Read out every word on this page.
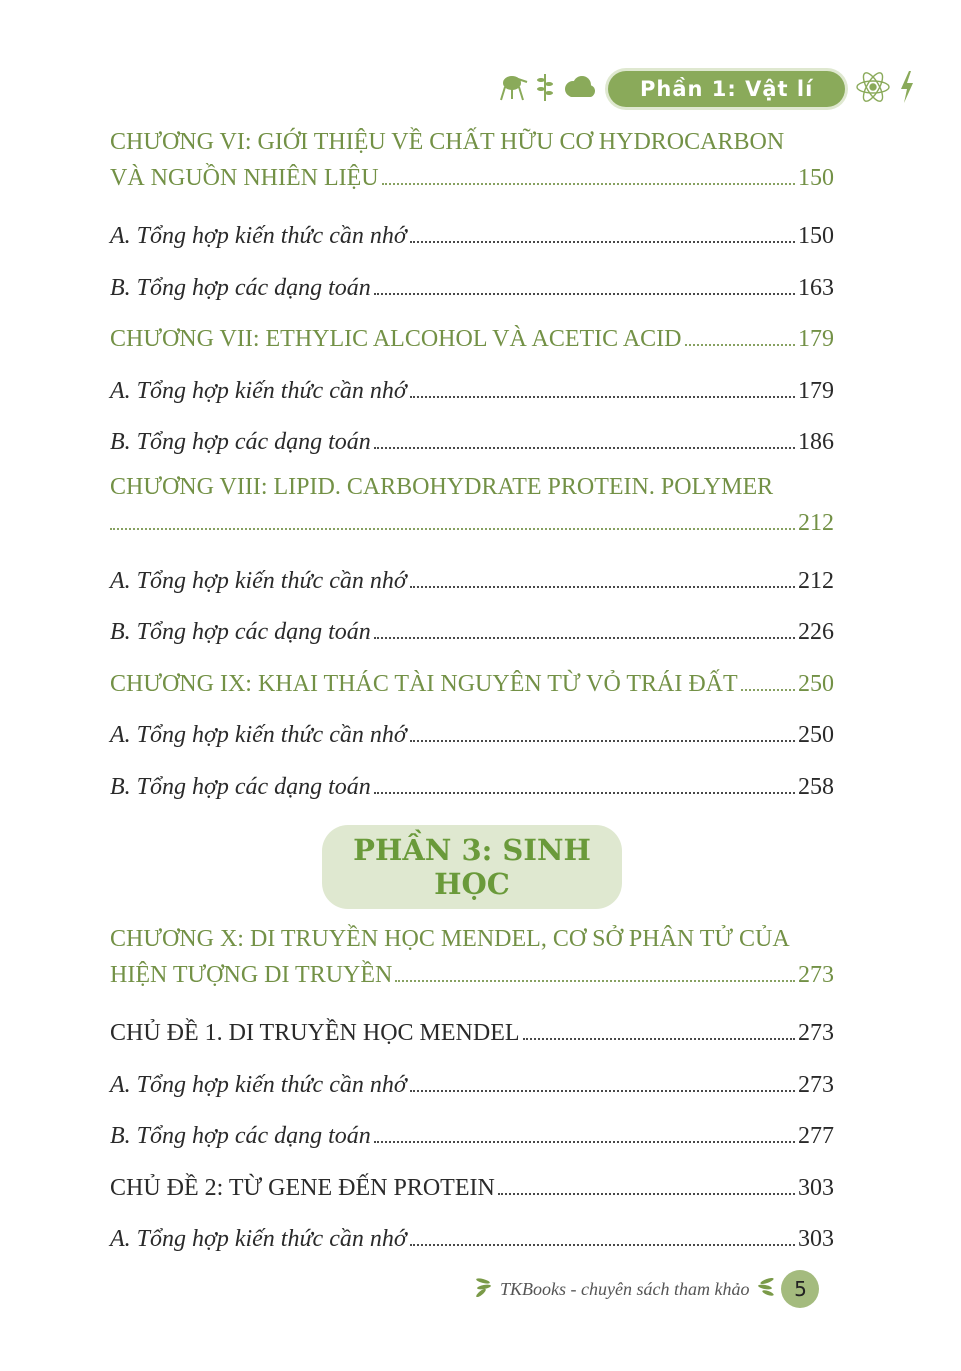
Phần 1: Vật lí
CHƯƠNG VI: GIỚI THIỆU VỀ CHẤT HỮU CƠ HYDROCARBON
VÀ NGUỒN NHIÊN LIỆU	150
A. Tổng hợp kiến thức cần nhớ	150
B. Tổng hợp các dạng toán	163
CHƯƠNG VII: ETHYLIC ALCOHOL VÀ ACETIC ACID	179
A. Tổng hợp kiến thức cần nhớ	179
B. Tổng hợp các dạng toán	186
CHƯƠNG VIII: LIPID. CARBOHYDRATE PROTEIN. POLYMER
212
A. Tổng hợp kiến thức cần nhớ	212
B. Tổng hợp các dạng toán	226
CHƯƠNG IX: KHAI THÁC TÀI NGUYÊN TỪ VỎ TRÁI ĐẤT	250
A. Tổng hợp kiến thức cần nhớ	250
B. Tổng hợp các dạng toán	258
PHẦN 3: SINH HỌC
CHƯƠNG X: DI TRUYỀN HỌC MENDEL, CƠ SỞ PHÂN TỬ CỦA
HIỆN TƯỢNG DI TRUYỀN	273
CHỦ ĐỀ 1. DI TRUYỀN HỌC MENDEL	273
A. Tổng hợp kiến thức cần nhớ	273
B. Tổng hợp các dạng toán	277
CHỦ ĐỀ 2: TỪ GENE ĐẾN PROTEIN	303
A. Tổng hợp kiến thức cần nhớ	303
TKBooks - chuyên sách tham khảo	5
